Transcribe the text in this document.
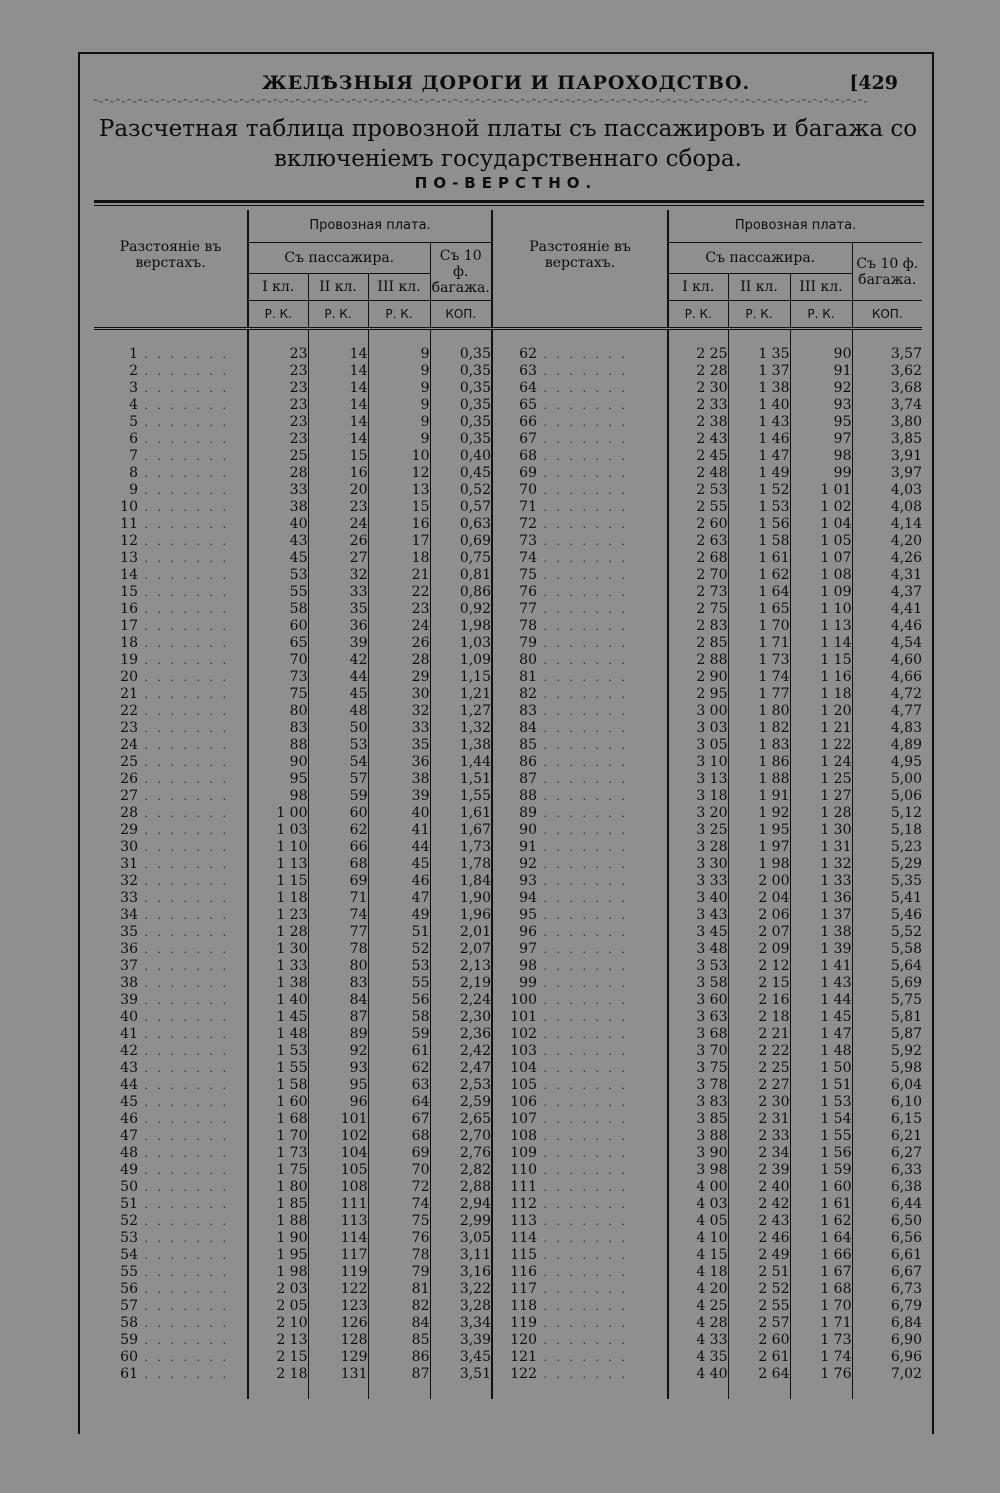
ЖЕЛѢЗНЫЯ ДОРОГИ И ПАРОХОДСТВО.	[429
ᵔᵕᵔᵕᵔᵕᵔᵕᵔᵕᵔᵕᵔᵕᵔᵕᵔᵕᵔᵕᵔᵕᵔᵕᵔᵕᵔᵕᵔᵕᵔᵕᵔᵕᵔᵕᵔᵕᵔᵕᵔᵕᵔᵕᵔᵕᵔᵕᵔᵕᵔᵕᵔᵕᵔᵕᵔᵕᵔᵕᵔᵕᵔᵕᵔᵕᵔᵕᵔᵕᵔᵕᵔᵕᵔᵕᵔᵕᵔᵕᵔᵕᵔᵕᵔᵕᵔᵕᵔᵕᵔᵕᵔᵕᵔᵕᵔᵕᵔᵕᵔᵕᵔᵕᵔᵕᵔᵕᵔᵕᵔᵕᵔᵕᵔᵕᵔᵕᵔᵕᵔᵕᵔᵕᵔᵕᵔᵕᵔᵕᵔᵕᵔᵕᵔᵕᵔᵕ
Разсчетная таблица провозной платы съ пассажировъ и багажа со включеніемъ государственнаго сбора.
ПО-ВЕРСТНО.
Разстояніе въ верстахъ.	Провозная плата.				Разстояніе въ верстахъ.	Провозная плата.			
	Съ пассажира.			Съ 10 ф. багажа.		Съ пассажира.			Съ 10 ф. багажа.
	I кл.	II кл.	III кл.			I кл.	II кл.	III кл.	
	Р. К.	Р. К.	Р. К.	КОП.		Р. К.	Р. К.	Р. К.	КОП.

1 . . . . . . .	23	14	9	0,35	62 . . . . . . .	2 25	1 35	90	3,57
2 . . . . . . .	23	14	9	0,35	63 . . . . . . .	2 28	1 37	91	3,62
3 . . . . . . .	23	14	9	0,35	64 . . . . . . .	2 30	1 38	92	3,68
4 . . . . . . .	23	14	9	0,35	65 . . . . . . .	2 33	1 40	93	3,74
5 . . . . . . .	23	14	9	0,35	66 . . . . . . .	2 38	1 43	95	3,80
6 . . . . . . .	23	14	9	0,35	67 . . . . . . .	2 43	1 46	97	3,85
7 . . . . . . .	25	15	10	0,40	68 . . . . . . .	2 45	1 47	98	3,91
8 . . . . . . .	28	16	12	0,45	69 . . . . . . .	2 48	1 49	99	3,97
9 . . . . . . .	33	20	13	0,52	70 . . . . . . .	2 53	1 52	1 01	4,03
10 . . . . . . .	38	23	15	0,57	71 . . . . . . .	2 55	1 53	1 02	4,08
11 . . . . . . .	40	24	16	0,63	72 . . . . . . .	2 60	1 56	1 04	4,14
12 . . . . . . .	43	26	17	0,69	73 . . . . . . .	2 63	1 58	1 05	4,20
13 . . . . . . .	45	27	18	0,75	74 . . . . . . .	2 68	1 61	1 07	4,26
14 . . . . . . .	53	32	21	0,81	75 . . . . . . .	2 70	1 62	1 08	4,31
15 . . . . . . .	55	33	22	0,86	76 . . . . . . .	2 73	1 64	1 09	4,37
16 . . . . . . .	58	35	23	0,92	77 . . . . . . .	2 75	1 65	1 10	4,41
17 . . . . . . .	60	36	24	1,98	78 . . . . . . .	2 83	1 70	1 13	4,46
18 . . . . . . .	65	39	26	1,03	79 . . . . . . .	2 85	1 71	1 14	4,54
19 . . . . . . .	70	42	28	1,09	80 . . . . . . .	2 88	1 73	1 15	4,60
20 . . . . . . .	73	44	29	1,15	81 . . . . . . .	2 90	1 74	1 16	4,66
21 . . . . . . .	75	45	30	1,21	82 . . . . . . .	2 95	1 77	1 18	4,72
22 . . . . . . .	80	48	32	1,27	83 . . . . . . .	3 00	1 80	1 20	4,77
23 . . . . . . .	83	50	33	1,32	84 . . . . . . .	3 03	1 82	1 21	4,83
24 . . . . . . .	88	53	35	1,38	85 . . . . . . .	3 05	1 83	1 22	4,89
25 . . . . . . .	90	54	36	1,44	86 . . . . . . .	3 10	1 86	1 24	4,95
26 . . . . . . .	95	57	38	1,51	87 . . . . . . .	3 13	1 88	1 25	5,00
27 . . . . . . .	98	59	39	1,55	88 . . . . . . .	3 18	1 91	1 27	5,06
28 . . . . . . .	1 00	60	40	1,61	89 . . . . . . .	3 20	1 92	1 28	5,12
29 . . . . . . .	1 03	62	41	1,67	90 . . . . . . .	3 25	1 95	1 30	5,18
30 . . . . . . .	1 10	66	44	1,73	91 . . . . . . .	3 28	1 97	1 31	5,23
31 . . . . . . .	1 13	68	45	1,78	92 . . . . . . .	3 30	1 98	1 32	5,29
32 . . . . . . .	1 15	69	46	1,84	93 . . . . . . .	3 33	2 00	1 33	5,35
33 . . . . . . .	1 18	71	47	1,90	94 . . . . . . .	3 40	2 04	1 36	5,41
34 . . . . . . .	1 23	74	49	1,96	95 . . . . . . .	3 43	2 06	1 37	5,46
35 . . . . . . .	1 28	77	51	2,01	96 . . . . . . .	3 45	2 07	1 38	5,52
36 . . . . . . .	1 30	78	52	2,07	97 . . . . . . .	3 48	2 09	1 39	5,58
37 . . . . . . .	1 33	80	53	2,13	98 . . . . . . .	3 53	2 12	1 41	5,64
38 . . . . . . .	1 38	83	55	2,19	99 . . . . . . .	3 58	2 15	1 43	5,69
39 . . . . . . .	1 40	84	56	2,24	100 . . . . . . .	3 60	2 16	1 44	5,75
40 . . . . . . .	1 45	87	58	2,30	101 . . . . . . .	3 63	2 18	1 45	5,81
41 . . . . . . .	1 48	89	59	2,36	102 . . . . . . .	3 68	2 21	1 47	5,87
42 . . . . . . .	1 53	92	61	2,42	103 . . . . . . .	3 70	2 22	1 48	5,92
43 . . . . . . .	1 55	93	62	2,47	104 . . . . . . .	3 75	2 25	1 50	5,98
44 . . . . . . .	1 58	95	63	2,53	105 . . . . . . .	3 78	2 27	1 51	6,04
45 . . . . . . .	1 60	96	64	2,59	106 . . . . . . .	3 83	2 30	1 53	6,10
46 . . . . . . .	1 68	101	67	2,65	107 . . . . . . .	3 85	2 31	1 54	6,15
47 . . . . . . .	1 70	102	68	2,70	108 . . . . . . .	3 88	2 33	1 55	6,21
48 . . . . . . .	1 73	104	69	2,76	109 . . . . . . .	3 90	2 34	1 56	6,27
49 . . . . . . .	1 75	105	70	2,82	110 . . . . . . .	3 98	2 39	1 59	6,33
50 . . . . . . .	1 80	108	72	2,88	111 . . . . . . .	4 00	2 40	1 60	6,38
51 . . . . . . .	1 85	111	74	2,94	112 . . . . . . .	4 03	2 42	1 61	6,44
52 . . . . . . .	1 88	113	75	2,99	113 . . . . . . .	4 05	2 43	1 62	6,50
53 . . . . . . .	1 90	114	76	3,05	114 . . . . . . .	4 10	2 46	1 64	6,56
54 . . . . . . .	1 95	117	78	3,11	115 . . . . . . .	4 15	2 49	1 66	6,61
55 . . . . . . .	1 98	119	79	3,16	116 . . . . . . .	4 18	2 51	1 67	6,67
56 . . . . . . .	2 03	122	81	3,22	117 . . . . . . .	4 20	2 52	1 68	6,73
57 . . . . . . .	2 05	123	82	3,28	118 . . . . . . .	4 25	2 55	1 70	6,79
58 . . . . . . .	2 10	126	84	3,34	119 . . . . . . .	4 28	2 57	1 71	6,84
59 . . . . . . .	2 13	128	85	3,39	120 . . . . . . .	4 33	2 60	1 73	6,90
60 . . . . . . .	2 15	129	86	3,45	121 . . . . . . .	4 35	2 61	1 74	6,96
61 . . . . . . .	2 18	131	87	3,51	122 . . . . . . .	4 40	2 64	1 76	7,02
